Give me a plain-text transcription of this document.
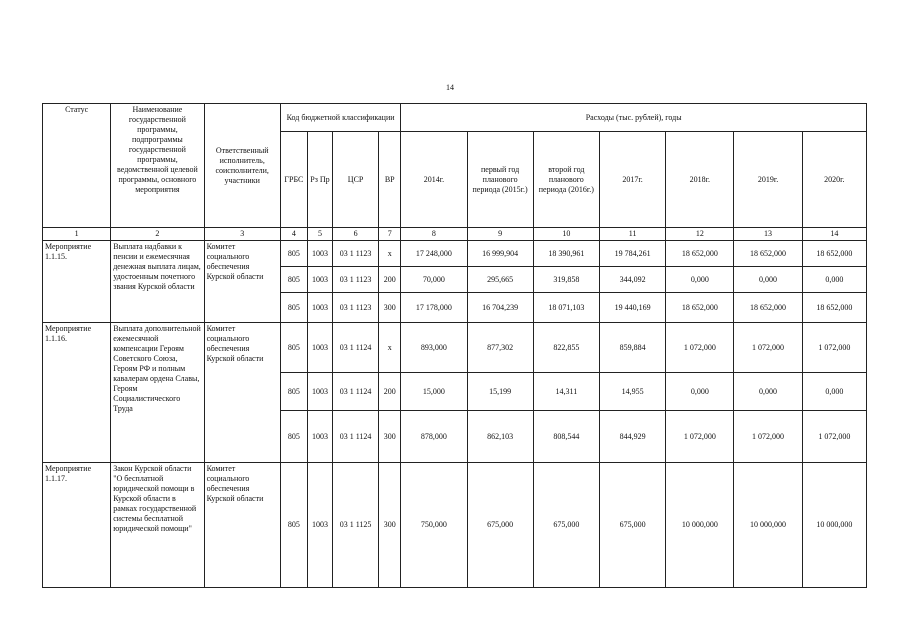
14
Статус	Наименование государственной программы, подпрограммы государственной программы, ведомственной целевой программы, основного мероприятия	Ответственный исполнитель, соисполнители, участники	Код бюджетной классификации				Расходы (тыс. рублей), годы						
			ГРБС	Рз Пр	ЦСР	ВР	2014г.	первый год планового периода (2015г.)	второй год планового периода (2016г.)	2017г.	2018г.	2019г.	2020г.
1	2	3	4	5	6	7	8	9	10	11	12	13	14
Мероприятие 1.1.15.	Выплата надбавки к пенсии и ежемесячная денежная выплата лицам, удостоенным почетного звания Курской области	Комитет социального обеспечения Курской области	805	1003	03 1 1123	х	17 248,000	16 999,904	18 390,961	19 784,261	18 652,000	18 652,000	18 652,000
			805	1003	03 1 1123	200	70,000	295,665	319,858	344,092	0,000	0,000	0,000
			805	1003	03 1 1123	300	17 178,000	16 704,239	18 071,103	19 440,169	18 652,000	18 652,000	18 652,000
Мероприятие 1.1.16.	Выплата дополнительной ежемесячной компенсации Героям Советского Союза, Героям РФ и полным кавалерам ордена Славы, Героям Социалистического Труда	Комитет социального обеспечения Курской области	805	1003	03 1 1124	х	893,000	877,302	822,855	859,884	1 072,000	1 072,000	1 072,000
			805	1003	03 1 1124	200	15,000	15,199	14,311	14,955	0,000	0,000	0,000
			805	1003	03 1 1124	300	878,000	862,103	808,544	844,929	1 072,000	1 072,000	1 072,000
Мероприятие 1.1.17.	Закон Курской области "О бесплатной юридической помощи в Курской области в рамках государственной системы бесплатной юридической помощи"	Комитет социального обеспечения Курской области	805	1003	03 1 1125	300	750,000	675,000	675,000	675,000	10 000,000	10 000,000	10 000,000
